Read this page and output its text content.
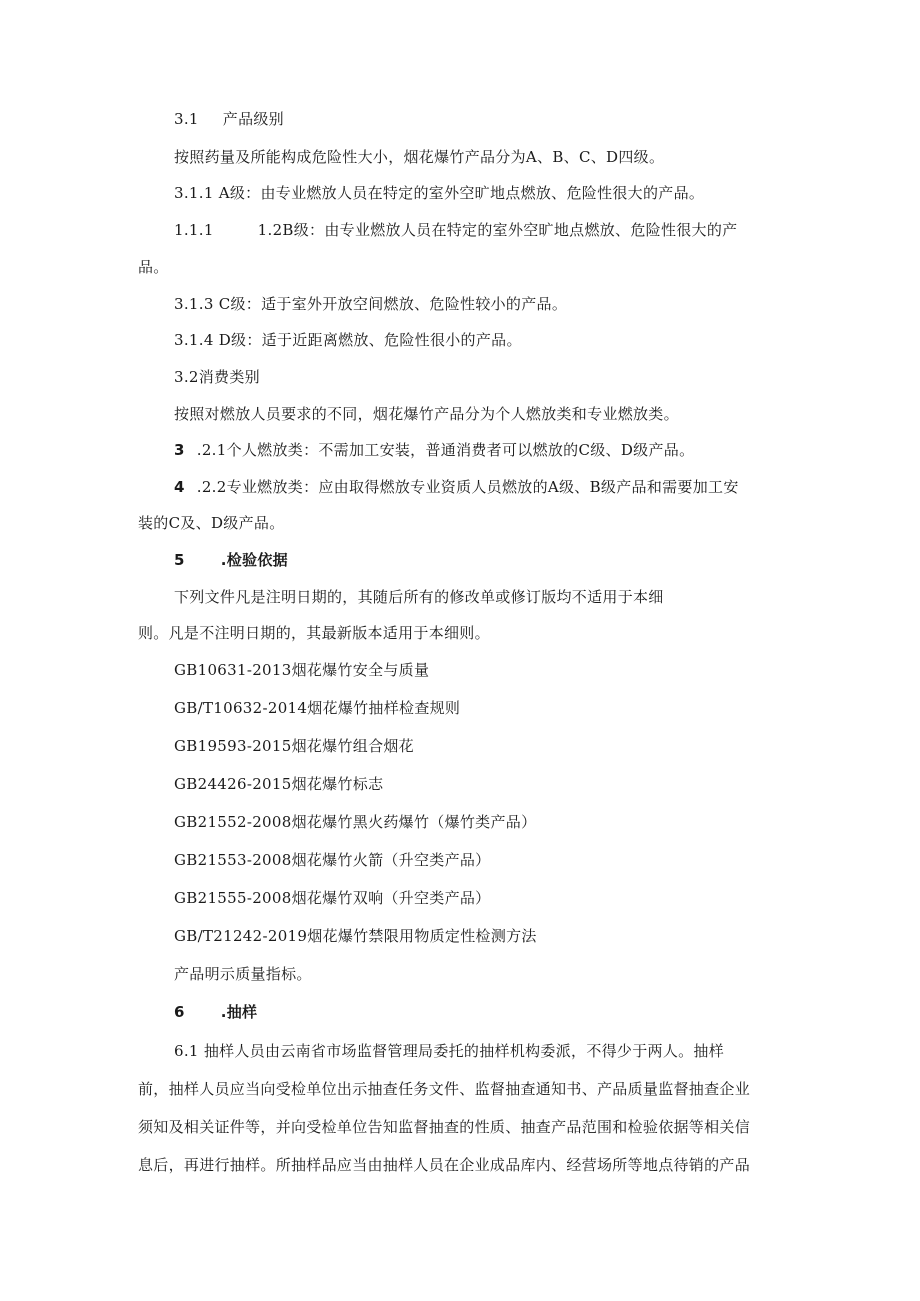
3.1 产品级别
按照药量及所能构成危险性大小，烟花爆竹产品分为A、B、C、D四级。
3.1.1 A级：由专业燃放人员在特定的室外空旷地点燃放、危险性很大的产品。
1.1.1	1.2B级：由专业燃放人员在特定的室外空旷地点燃放、危险性很大的产
品。
3.1.3 C级：适于室外开放空间燃放、危险性较小的产品。
3.1.4 D级：适于近距离燃放、危险性很小的产品。
3.2消费类别
按照对燃放人员要求的不同，烟花爆竹产品分为个人燃放类和专业燃放类。
3 .2.1个人燃放类：不需加工安装，普通消费者可以燃放的C级、D级产品。
4 .2.2专业燃放类：应由取得燃放专业资质人员燃放的A级、B级产品和需要加工安
装的C及、D级产品。
5 .检验依据
下列文件凡是注明日期的，其随后所有的修改单或修订版均不适用于本细
则。凡是不注明日期的，其最新版本适用于本细则。
GB10631-2013烟花爆竹安全与质量
GB/T10632-2014烟花爆竹抽样检查规则
GB19593-2015烟花爆竹组合烟花
GB24426-2015烟花爆竹标志
GB21552-2008烟花爆竹黑火药爆竹（爆竹类产品）
GB21553-2008烟花爆竹火箭（升空类产品）
GB21555-2008烟花爆竹双响（升空类产品）
GB/T21242-2019烟花爆竹禁限用物质定性检测方法
产品明示质量指标。
6 .抽样
6.1 抽样人员由云南省市场监督管理局委托的抽样机构委派，不得少于两人。抽样
前，抽样人员应当向受检单位出示抽查任务文件、监督抽查通知书、产品质量监督抽查企业
须知及相关证件等，并向受检单位告知监督抽查的性质、抽查产品范围和检验依据等相关信
息后，再进行抽样。所抽样品应当由抽样人员在企业成品库内、经营场所等地点待销的产品
